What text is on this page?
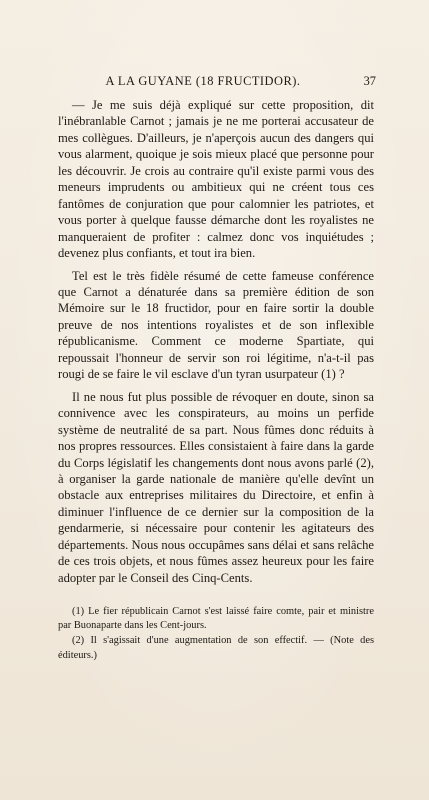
A LA GUYANE (18 FRUCTIDOR).	37

— Je me suis déjà expliqué sur cette proposition, dit l'inébranlable Carnot ; jamais je ne me porterai accusateur de mes collègues. D'ailleurs, je n'aperçois aucun des dangers qui vous alarment, quoique je sois mieux placé que personne pour les découvrir. Je crois au contraire qu'il existe parmi vous des meneurs imprudents ou ambitieux qui ne créent tous ces fantômes de conjuration que pour calomnier les patriotes, et vous porter à quelque fausse démarche dont les royalistes ne manqueraient de profiter : calmez donc vos inquiétudes ; devenez plus confiants, et tout ira bien.

Tel est le très fidèle résumé de cette fameuse conférence que Carnot a dénaturée dans sa première édition de son Mémoire sur le 18 fructidor, pour en faire sortir la double preuve de nos intentions royalistes et de son inflexible républicanisme. Comment ce moderne Spartiate, qui repoussait l'honneur de servir son roi légitime, n'a-t-il pas rougi de se faire le vil esclave d'un tyran usurpateur (1) ?

Il ne nous fut plus possible de révoquer en doute, sinon sa connivence avec les conspirateurs, au moins un perfide système de neutralité de sa part. Nous fûmes donc réduits à nos propres ressources. Elles consistaient à faire dans la garde du Corps législatif les changements dont nous avons parlé (2), à organiser la garde nationale de manière qu'elle devînt un obstacle aux entreprises militaires du Directoire, et enfin à diminuer l'influence de ce dernier sur la composition de la gendarmerie, si nécessaire pour contenir les agitateurs des départements. Nous nous occupâmes sans délai et sans relâche de ces trois objets, et nous fûmes assez heureux pour les faire adopter par le Conseil des Cinq-Cents.

(1) Le fier républicain Carnot s'est laissé faire comte, pair et ministre par Buonaparte dans les Cent-jours.

(2) Il s'agissait d'une augmentation de son effectif. — (Note des éditeurs.)
